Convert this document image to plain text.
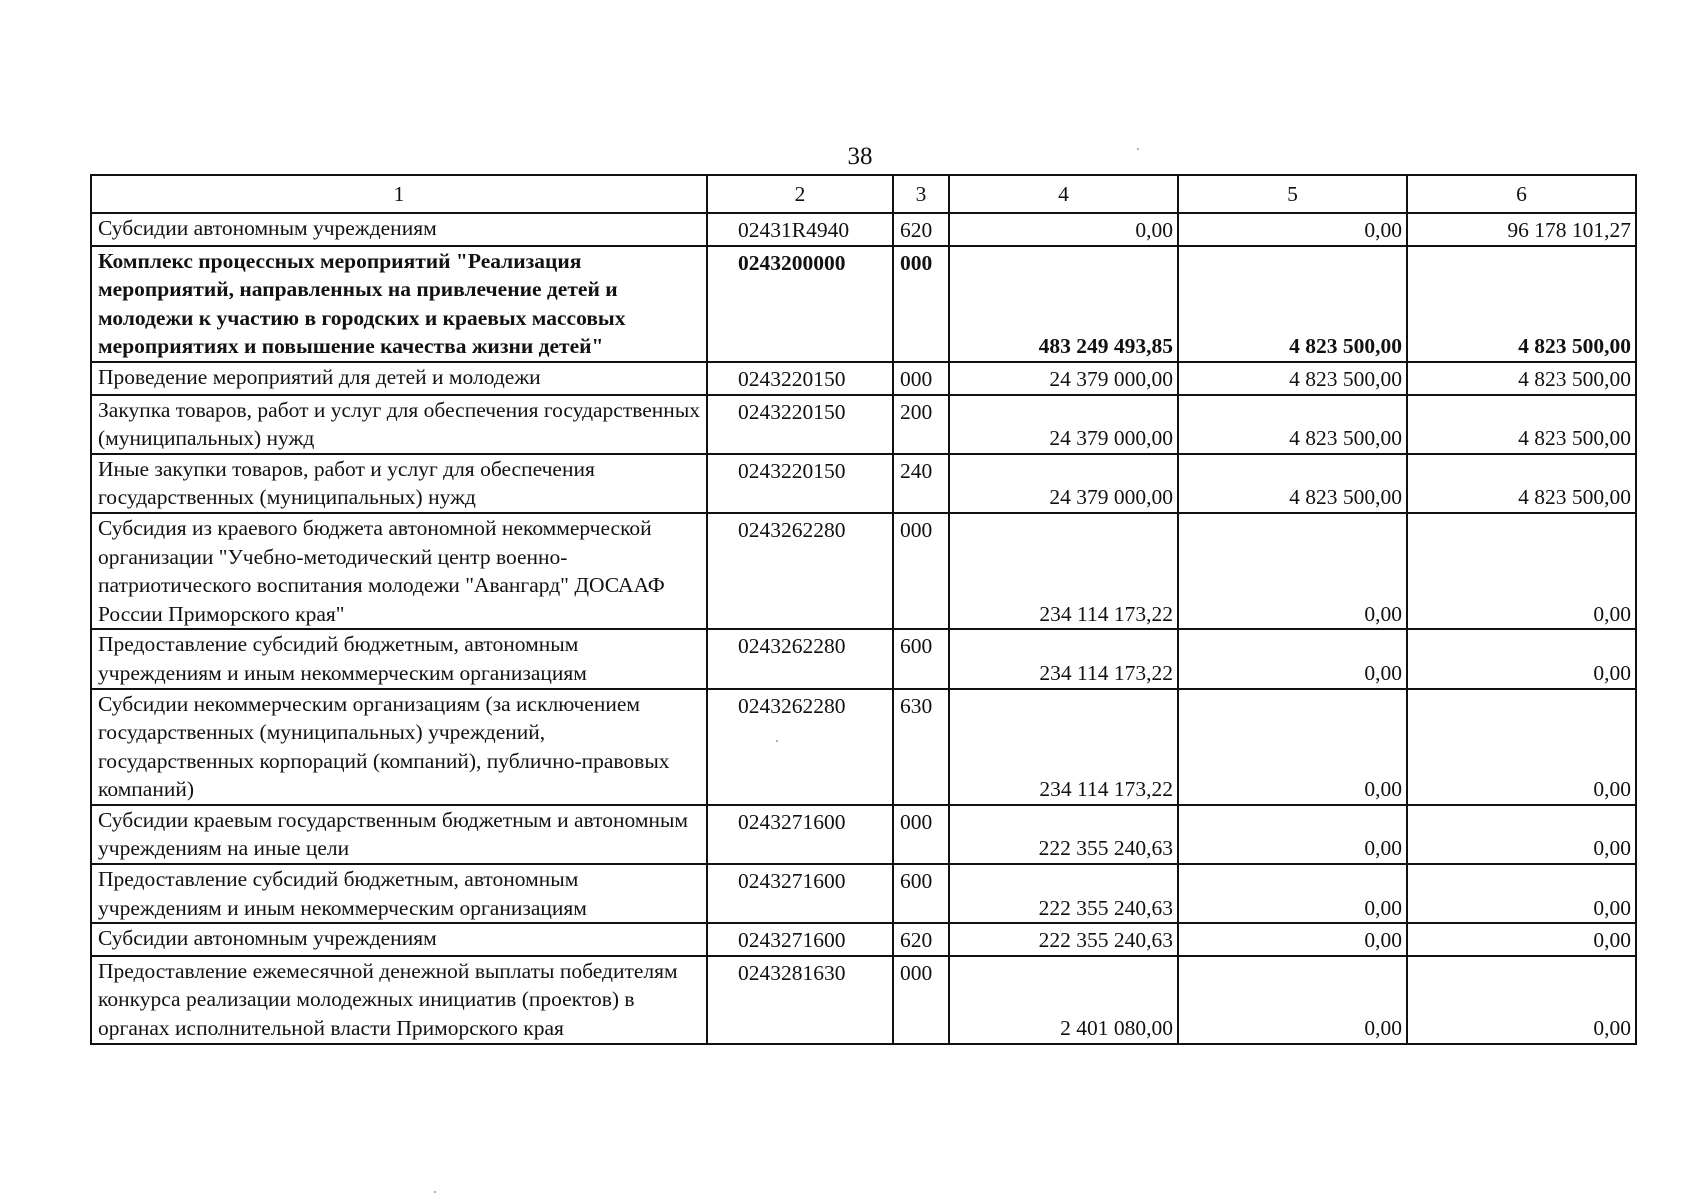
38
1	2	3	4	5	6
Субсидии автономным учреждениям	02431R4940	620	0,00	0,00	96 178 101,27
Комплекс процессных мероприятий "Реализация мероприятий, направленных на привлечение детей и молодежи к участию в городских и краевых массовых мероприятиях и повышение качества жизни детей"	0243200000	000	483 249 493,85	4 823 500,00	4 823 500,00
Проведение мероприятий для детей и молодежи	0243220150	000	24 379 000,00	4 823 500,00	4 823 500,00
Закупка товаров, работ и услуг для обеспечения государственных (муниципальных) нужд	0243220150	200	24 379 000,00	4 823 500,00	4 823 500,00
Иные закупки товаров, работ и услуг для обеспечения государственных (муниципальных) нужд	0243220150	240	24 379 000,00	4 823 500,00	4 823 500,00
Субсидия из краевого бюджета автономной некоммерческой организации "Учебно-методический центр военно-патриотического воспитания молодежи "Авангард" ДОСААФ России Приморского края"	0243262280	000	234 114 173,22	0,00	0,00
Предоставление субсидий бюджетным, автономным учреждениям и иным некоммерческим организациям	0243262280	600	234 114 173,22	0,00	0,00
Субсидии некоммерческим организациям (за исключением государственных (муниципальных) учреждений, государственных корпораций (компаний), публично-правовых компаний)	0243262280	630	234 114 173,22	0,00	0,00
Субсидии краевым государственным бюджетным и автономным учреждениям на иные цели	0243271600	000	222 355 240,63	0,00	0,00
Предоставление субсидий бюджетным, автономным учреждениям и иным некоммерческим организациям	0243271600	600	222 355 240,63	0,00	0,00
Субсидии автономным учреждениям	0243271600	620	222 355 240,63	0,00	0,00
Предоставление ежемесячной денежной выплаты победителям конкурса реализации молодежных инициатив (проектов) в органах исполнительной власти Приморского края	0243281630	000	2 401 080,00	0,00	0,00
